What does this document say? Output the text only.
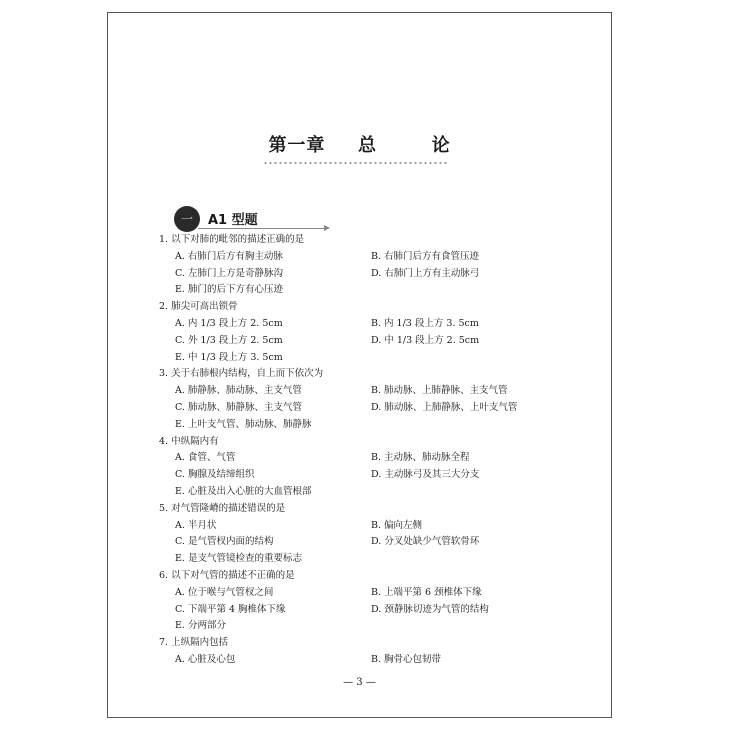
第一章 总	论
一	A1 型题

1. 以下对肺的毗邻的描述正确的是

A. 右肺门后方有胸主动脉	B. 右肺门后方有食管压迹
C. 左肺门上方是奇静脉沟	D. 右肺门上方有主动脉弓
E. 肺门的后下方有心压迹

2. 肺尖可高出锁骨

A. 内 1/3 段上方 2. 5cm	B. 内 1/3 段上方 3. 5cm
C. 外 1/3 段上方 2. 5cm	D. 中 1/3 段上方 2. 5cm
E. 中 1/3 段上方 3. 5cm

3. 关于右肺根内结构，自上而下依次为

A. 肺静脉、肺动脉、主支气管	B. 肺动脉、上肺静脉、主支气管
C. 肺动脉、肺静脉、主支气管	D. 肺动脉、上肺静脉、上叶支气管
E. 上叶支气管、肺动脉、肺静脉

4. 中纵隔内有

A. 食管、气管	B. 主动脉、肺动脉全程
C. 胸腺及结缔组织	D. 主动脉弓及其三大分支
E. 心脏及出入心脏的大血管根部

5. 对气管隆嵴的描述错误的是

A. 半月状	B. 偏向左侧
C. 是气管杈内面的结构	D. 分叉处缺少气管软骨环
E. 是支气管镜检查的重要标志

6. 以下对气管的描述不正确的是

A. 位于喉与气管杈之间	B. 上端平第 6 颈椎体下缘
C. 下端平第 4 胸椎体下缘	D. 颈静脉切迹为气管的结构
E. 分两部分

7. 上纵隔内包括

A. 心脏及心包	B. 胸骨心包韧带
— 3 —
